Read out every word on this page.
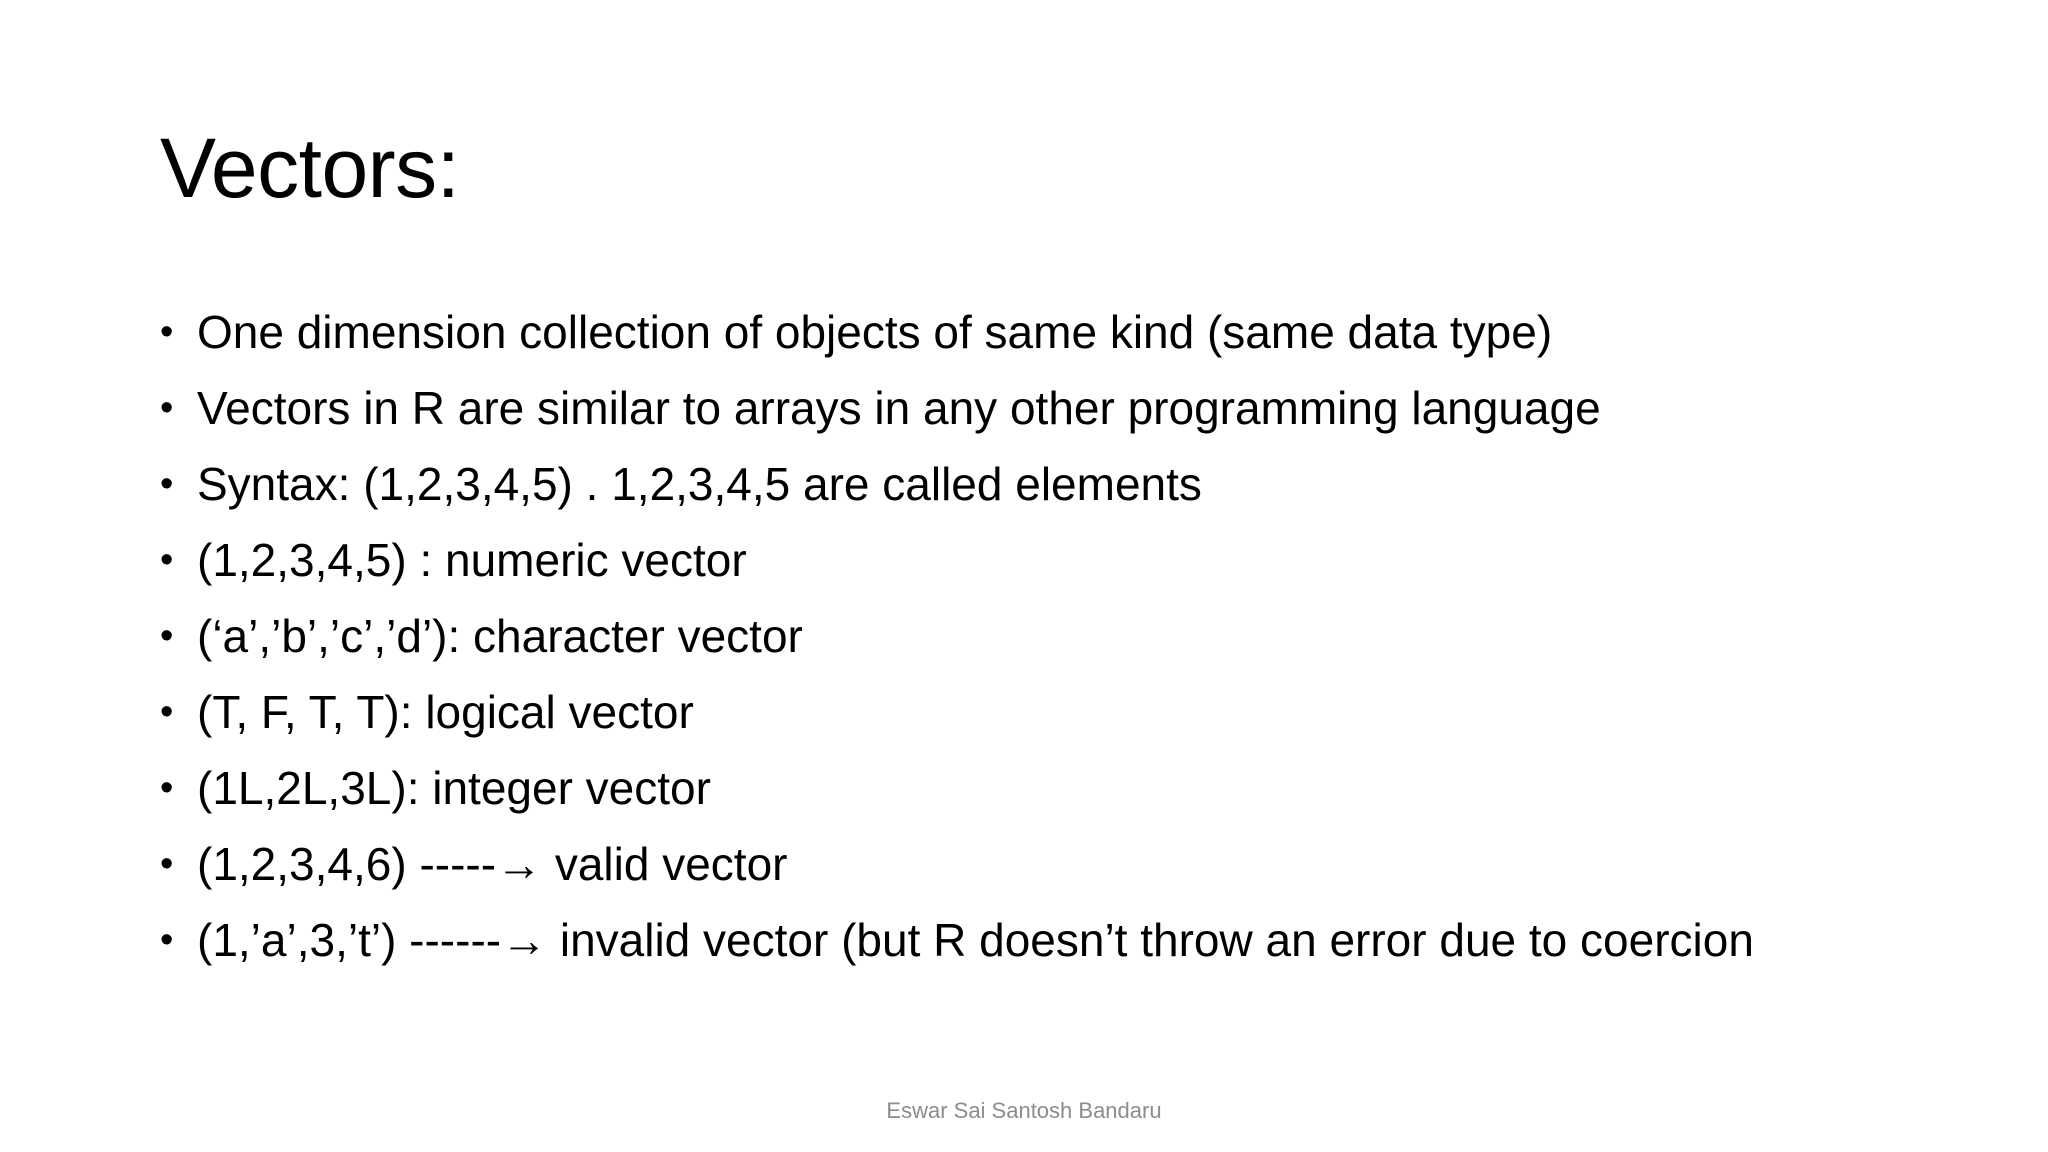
Vectors:
• One dimension collection of objects of same kind (same data type)
• Vectors in R are similar to arrays in any other programming language
• Syntax: (1,2,3,4,5) . 1,2,3,4,5 are called elements
• (1,2,3,4,5) : numeric vector
• (‘a’,’b’,’c’,’d’): character vector
• (T, F, T, T): logical vector
• (1L,2L,3L): integer vector
• (1,2,3,4,6) -----→ valid vector
• (1,’a’,3,’t’) ------→ invalid vector (but R doesn’t throw an error due to coercion
Eswar Sai Santosh Bandaru
